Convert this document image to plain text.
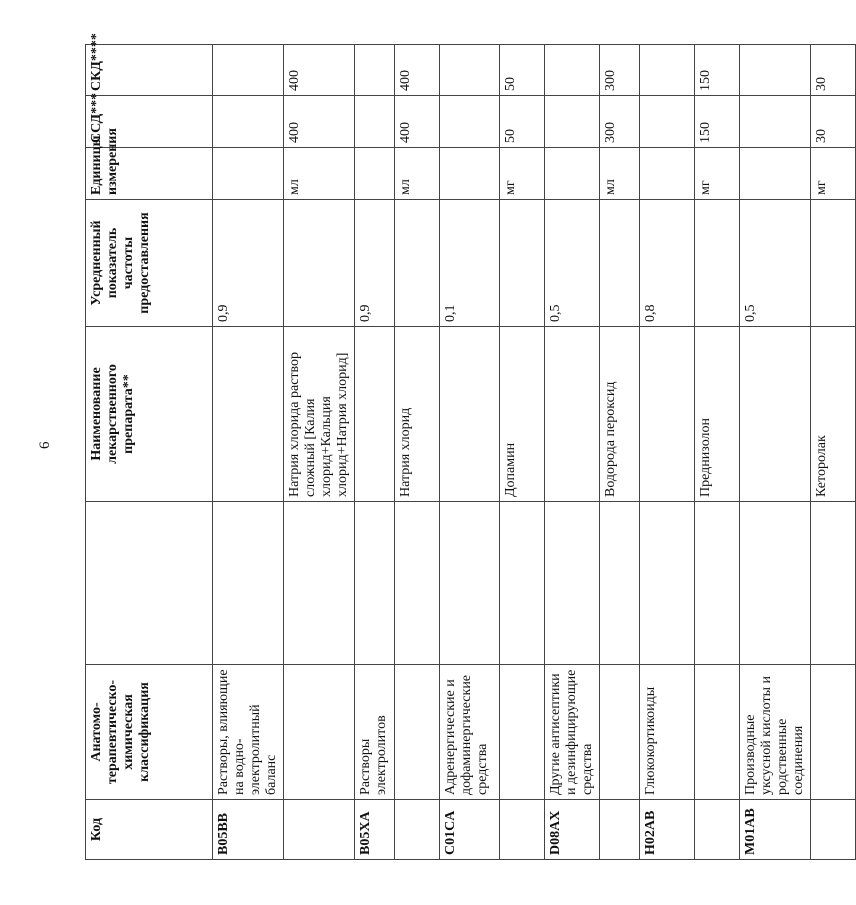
6
Код	Анатомо-терапевтическо-химическая классификация		Наименование лекарственного препарата**	Усредненный показатель частоты предоставления	Единицы измерения	ССД***	СКД****
B05BB	Растворы, влияющие на водно-электролитный баланс			0,9			
			Натрия хлорида раствор сложный [Калия хлорид+Кальция хлорид+Натрия хлорид]		мл	400	400
B05XA	Растворы электролитов			0,9			
			Натрия хлорид		мл	400	400
C01CA	Адренергические и дофаминергические средства			0,1			
			Допамин		мг	50	50
D08AX	Другие антисептики и дезинфицирующие средства			0,5			
			Водорода пероксид		мл	300	300
H02AB	Глюкокортикоиды			0,8			
			Преднизолон		мг	150	150
M01AB	Производные уксусной кислоты и родственные соединения			0,5			
			Кеторолак		мг	30	30
